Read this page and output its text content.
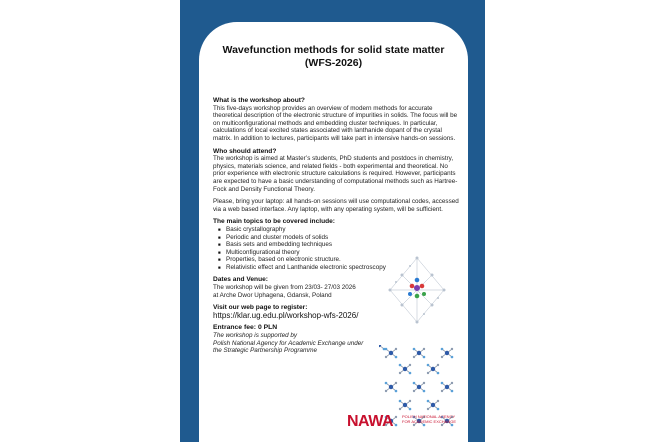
Wavefunction methods for solid state matter
(WFS-2026)

What is the workshop about?

This five-days workshop provides an overview of modern methods for accurate theoretical description of the electronic structure of impurities in solids. The focus will be on multiconfigurational methods and embedding cluster techniques. In particular, calculations of local excited states associated with lanthanide dopant of the crystal matrix. In addition to lectures, participants will take part in intensive hands-on sessions.

Who should attend?

The workshop is aimed at Master’s students, PhD students and postdocs in chemistry, physics, materials science, and related fields - both experimental and theoretical. No prior experience with electronic structure calculations is required. However, participants are expected to have a basic understanding of computational methods such as Hartree-Fock and Density Functional Theory.

Please, bring your laptop: all hands-on sessions will use computational codes, accessed via a web based interface. Any laptop, with any operating system, will be sufficient.

The main topics to be covered include:

■ Basic crystallography
■ Periodic and cluster models of solids
■ Basis sets and embedding techniques
■ Multiconfigurational theory
■ Properties, based on electronic structure.
■ Relativistic effect and Lanthanide electronic spectroscopy

Dates and Venue:

The workshop will be given from 23/03- 27/03 2026

at Arche Dwor Uphagena, Gdansk, Poland

Visit our web page to register:

https://klar.ug.edu.pl/workshop-wfs-2026/

Entrance fee: 0 PLN

The workshop is supported by

Polish National Agency for Academic Exchange under

the Strategic Partnership Programme

NAWA POLISH NATIONAL AGENCY
FOR ACADEMIC EXCHANGE
